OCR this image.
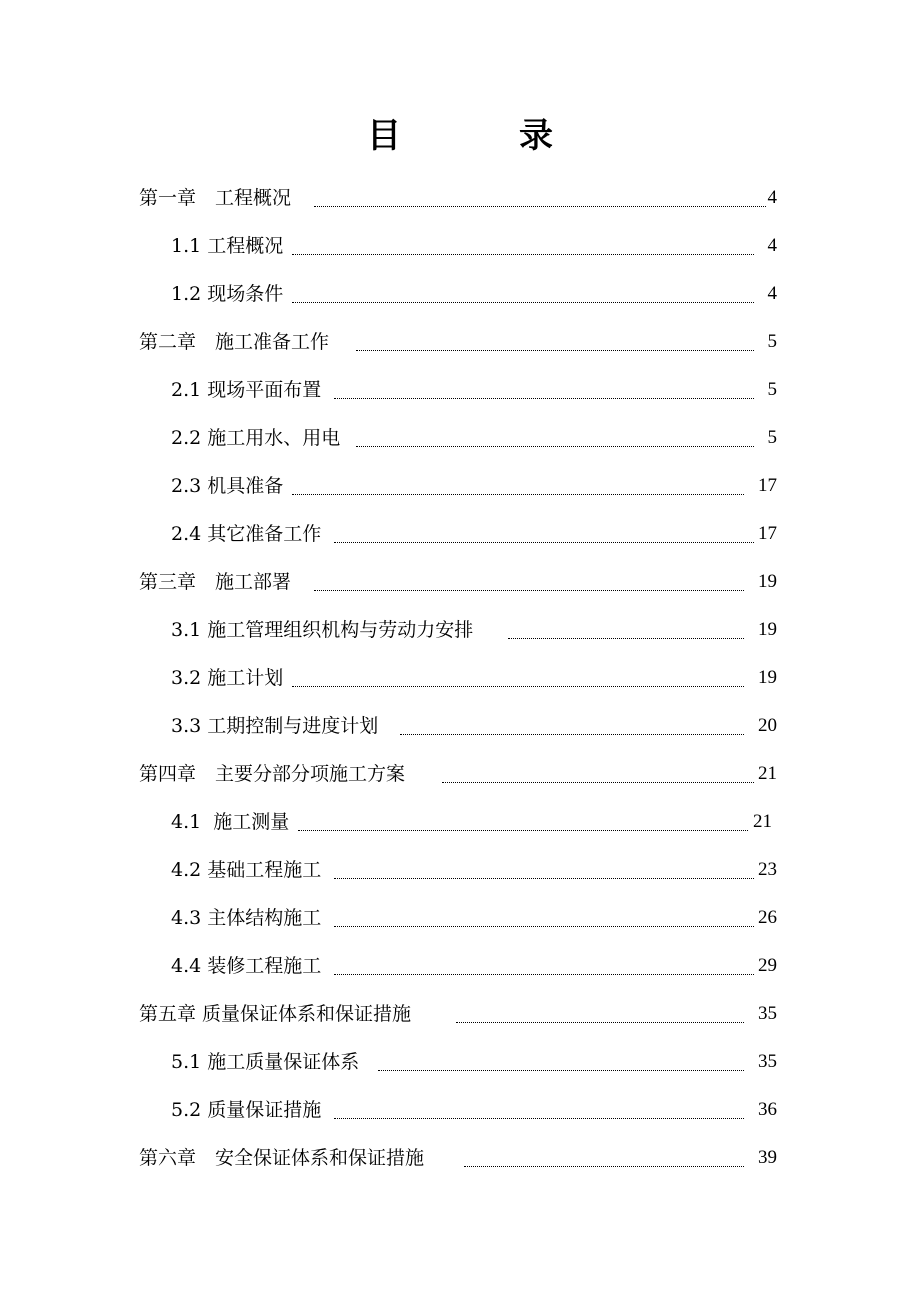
目	录
第一章　工程概况	4
1.1 工程概况	4
1.2 现场条件	4
第二章　施工准备工作	5
2.1 现场平面布置	5
2.2 施工用水、用电	5
2.3 机具准备	17
2.4 其它准备工作	17
第三章　施工部署	19
3.1 施工管理组织机构与劳动力安排	19
3.2 施工计划	19
3.3 工期控制与进度计划	20
第四章　主要分部分项施工方案	21
4.1  施工测量	21
4.2 基础工程施工	23
4.3 主体结构施工	26
4.4 装修工程施工	29
第五章 质量保证体系和保证措施	35
5.1 施工质量保证体系	35
5.2 质量保证措施	36
第六章　安全保证体系和保证措施	39
